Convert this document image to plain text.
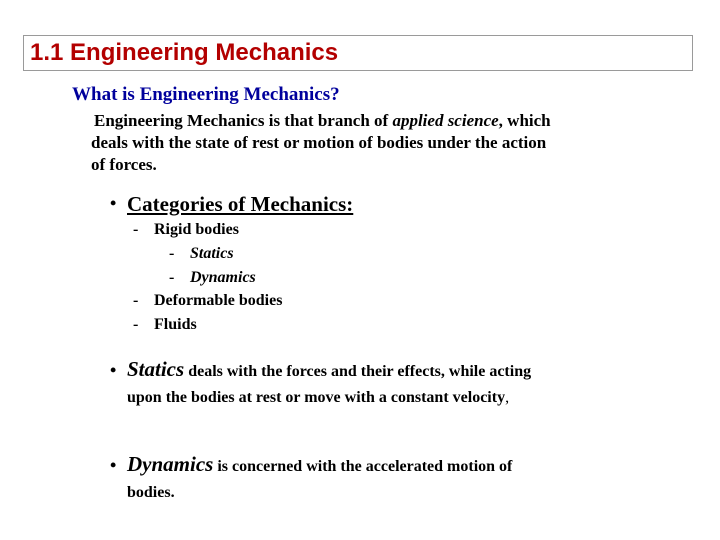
1.1 Engineering Mechanics
What is Engineering Mechanics?
Engineering Mechanics is that branch of applied science, which
deals with the state of rest or motion of bodies under the action
of forces.
• Categories of Mechanics:
- Rigid bodies
- Statics
- Dynamics
- Deformable bodies
- Fluids
• Statics deals with the forces and their effects, while acting
upon the bodies at rest or move with a constant velocity,
• Dynamics is concerned with the accelerated motion of
bodies.
